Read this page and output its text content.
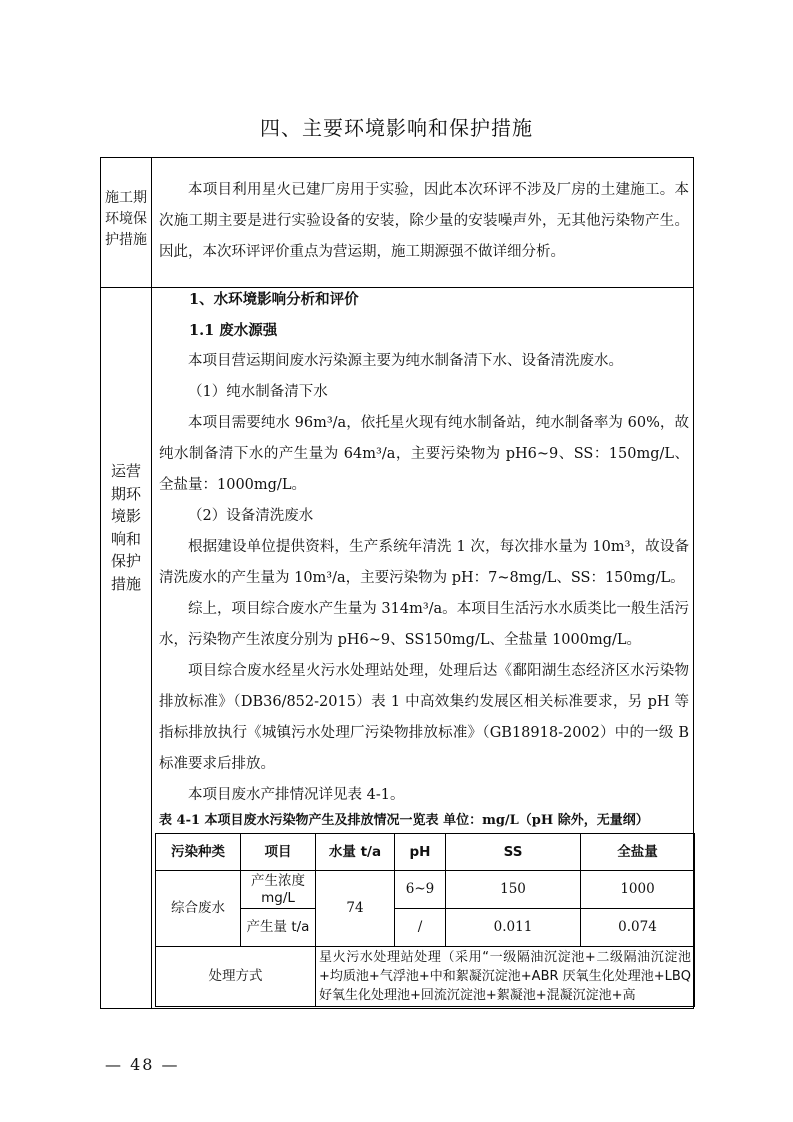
四、主要环境影响和保护措施
施工期
环境保
护措施

本项目利用星火已建厂房用于实验，因此本次环评不涉及厂房的土建施工。本次施工期主要是进行实验设备的安装，除少量的安装噪声外，无其他污染物产生。因此，本次环评评价重点为营运期，施工期源强不做详细分析。

运营
期环
境影
响和
保护
措施

1、水环境影响分析和评价

1.1 废水源强

本项目营运期间废水污染源主要为纯水制备清下水、设备清洗废水。

（1）纯水制备清下水

本项目需要纯水 96m³/a，依托星火现有纯水制备站，纯水制备率为 60%，故纯水制备清下水的产生量为 64m³/a，主要污染物为 pH6~9、SS：150mg/L、全盐量：1000mg/L。

（2）设备清洗废水

根据建设单位提供资料，生产系统年清洗 1 次，每次排水量为 10m³，故设备清洗废水的产生量为 10m³/a，主要污染物为 pH：7~8mg/L、SS：150mg/L。

综上，项目综合废水产生量为 314m³/a。本项目生活污水水质类比一般生活污水，污染物产生浓度分别为 pH6~9、SS150mg/L、全盐量 1000mg/L。

项目综合废水经星火污水处理站处理，处理后达《鄱阳湖生态经济区水污染物排放标准》（DB36/852-2015）表 1 中高效集约发展区相关标准要求，另 pH 等指标排放执行《城镇污水处理厂污染物排放标准》（GB18918-2002）中的一级 B 标准要求后排放。

本项目废水产排情况详见表 4-1。

表 4-1 本项目废水污染物产生及排放情况一览表 单位：mg/L（pH 除外，无量纲）

污染种类	项目	水量 t/a	pH	SS	全盐量
综合废水	产生浓度 mg/L	74	6~9	150	1000
	产生量 t/a		/	0.011	0.074
处理方式		星火污水处理站处理（采用“一级隔油沉淀池+二级隔油沉淀池+均质池+气浮池+中和絮凝沉淀池+ABR 厌氧生化处理池+LBQ 好氧生化处理池+回流沉淀池+絮凝池+混凝沉淀池+高			
— 48 —
